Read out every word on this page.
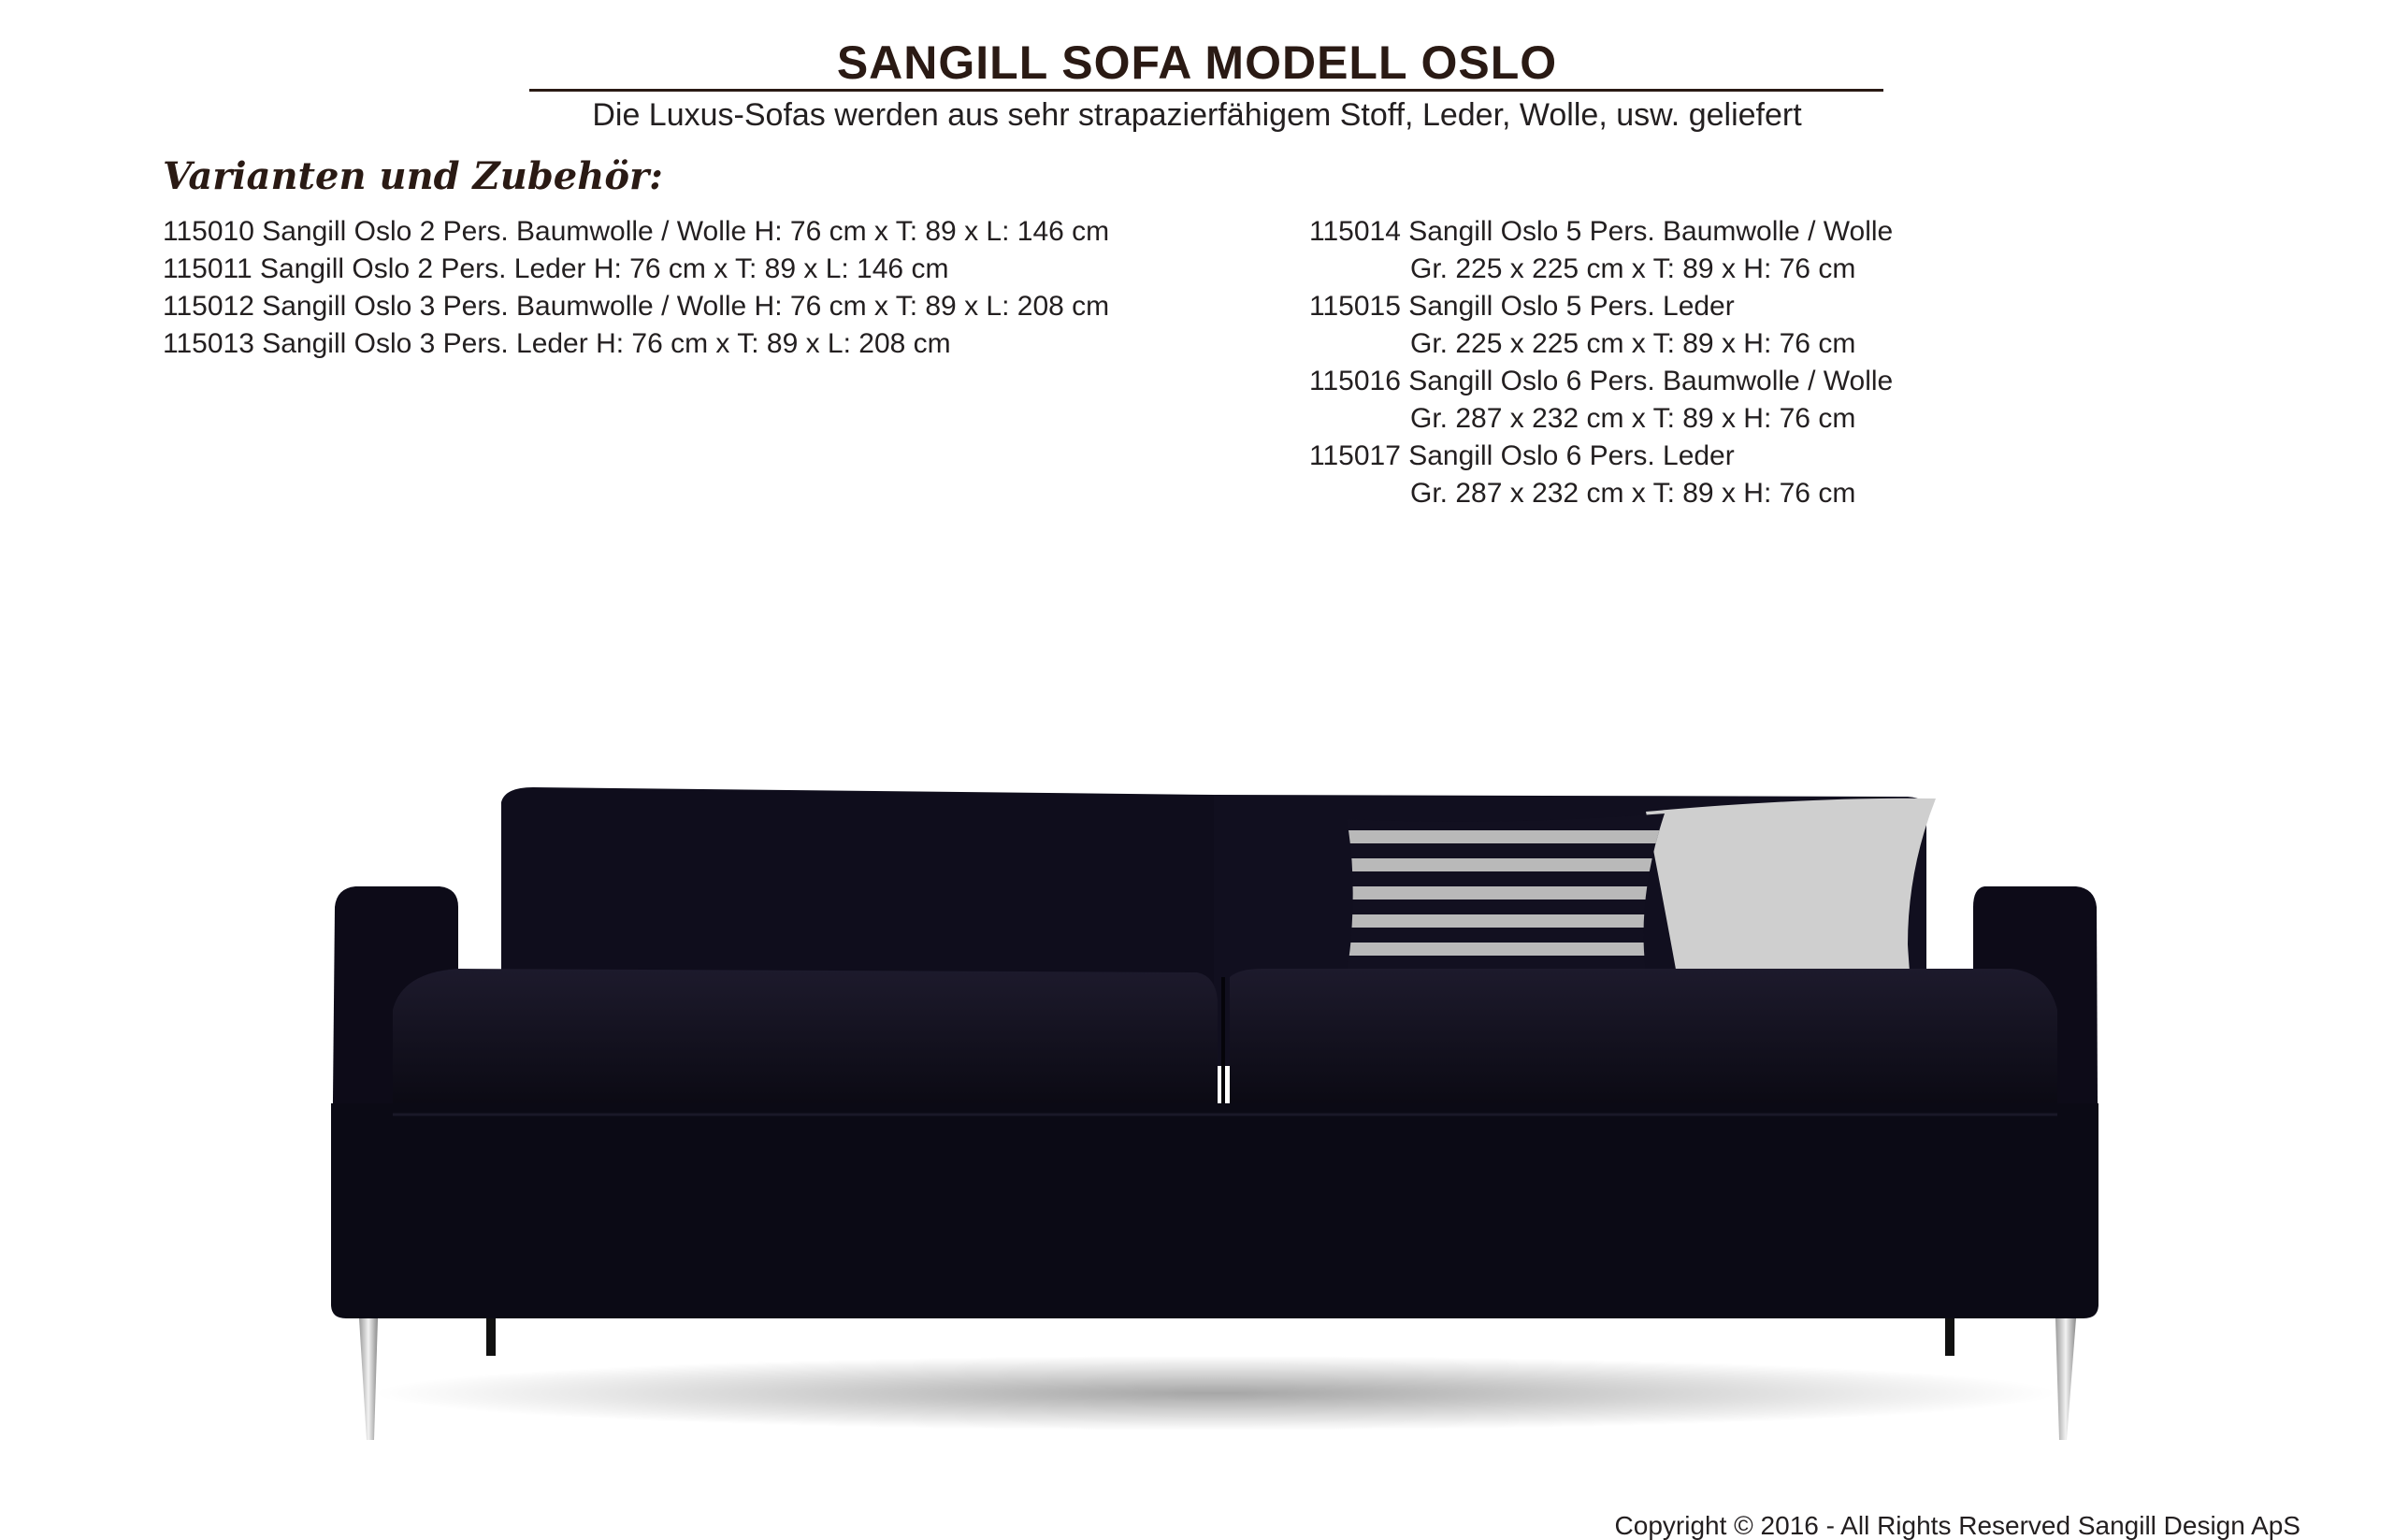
SANGILL SOFA MODELL OSLO
Die Luxus-Sofas werden aus sehr strapazierfähigem Stoff, Leder, Wolle, usw. geliefert
Varianten und Zubehör:
115010 Sangill Oslo 2 Pers. Baumwolle / Wolle H: 76 cm x T: 89 x L: 146 cm
115011 Sangill Oslo 2 Pers. Leder H: 76 cm x T: 89 x L: 146 cm
115012 Sangill Oslo 3 Pers. Baumwolle / Wolle H: 76 cm x T: 89 x L: 208 cm
115013 Sangill Oslo 3 Pers. Leder H: 76 cm x T: 89 x L: 208 cm
115014 Sangill Oslo 5 Pers. Baumwolle / Wolle
Gr. 225 x 225 cm x T: 89 x H: 76 cm
115015 Sangill Oslo 5 Pers. Leder
Gr. 225 x 225 cm x T: 89 x H: 76 cm
115016 Sangill Oslo 6 Pers. Baumwolle / Wolle
Gr. 287 x 232 cm x T: 89 x H: 76 cm
115017 Sangill Oslo 6 Pers. Leder
Gr. 287 x 232 cm x T: 89 x H: 76 cm
Copyright © 2016 - All Rights Reserved Sangill Design ApS
